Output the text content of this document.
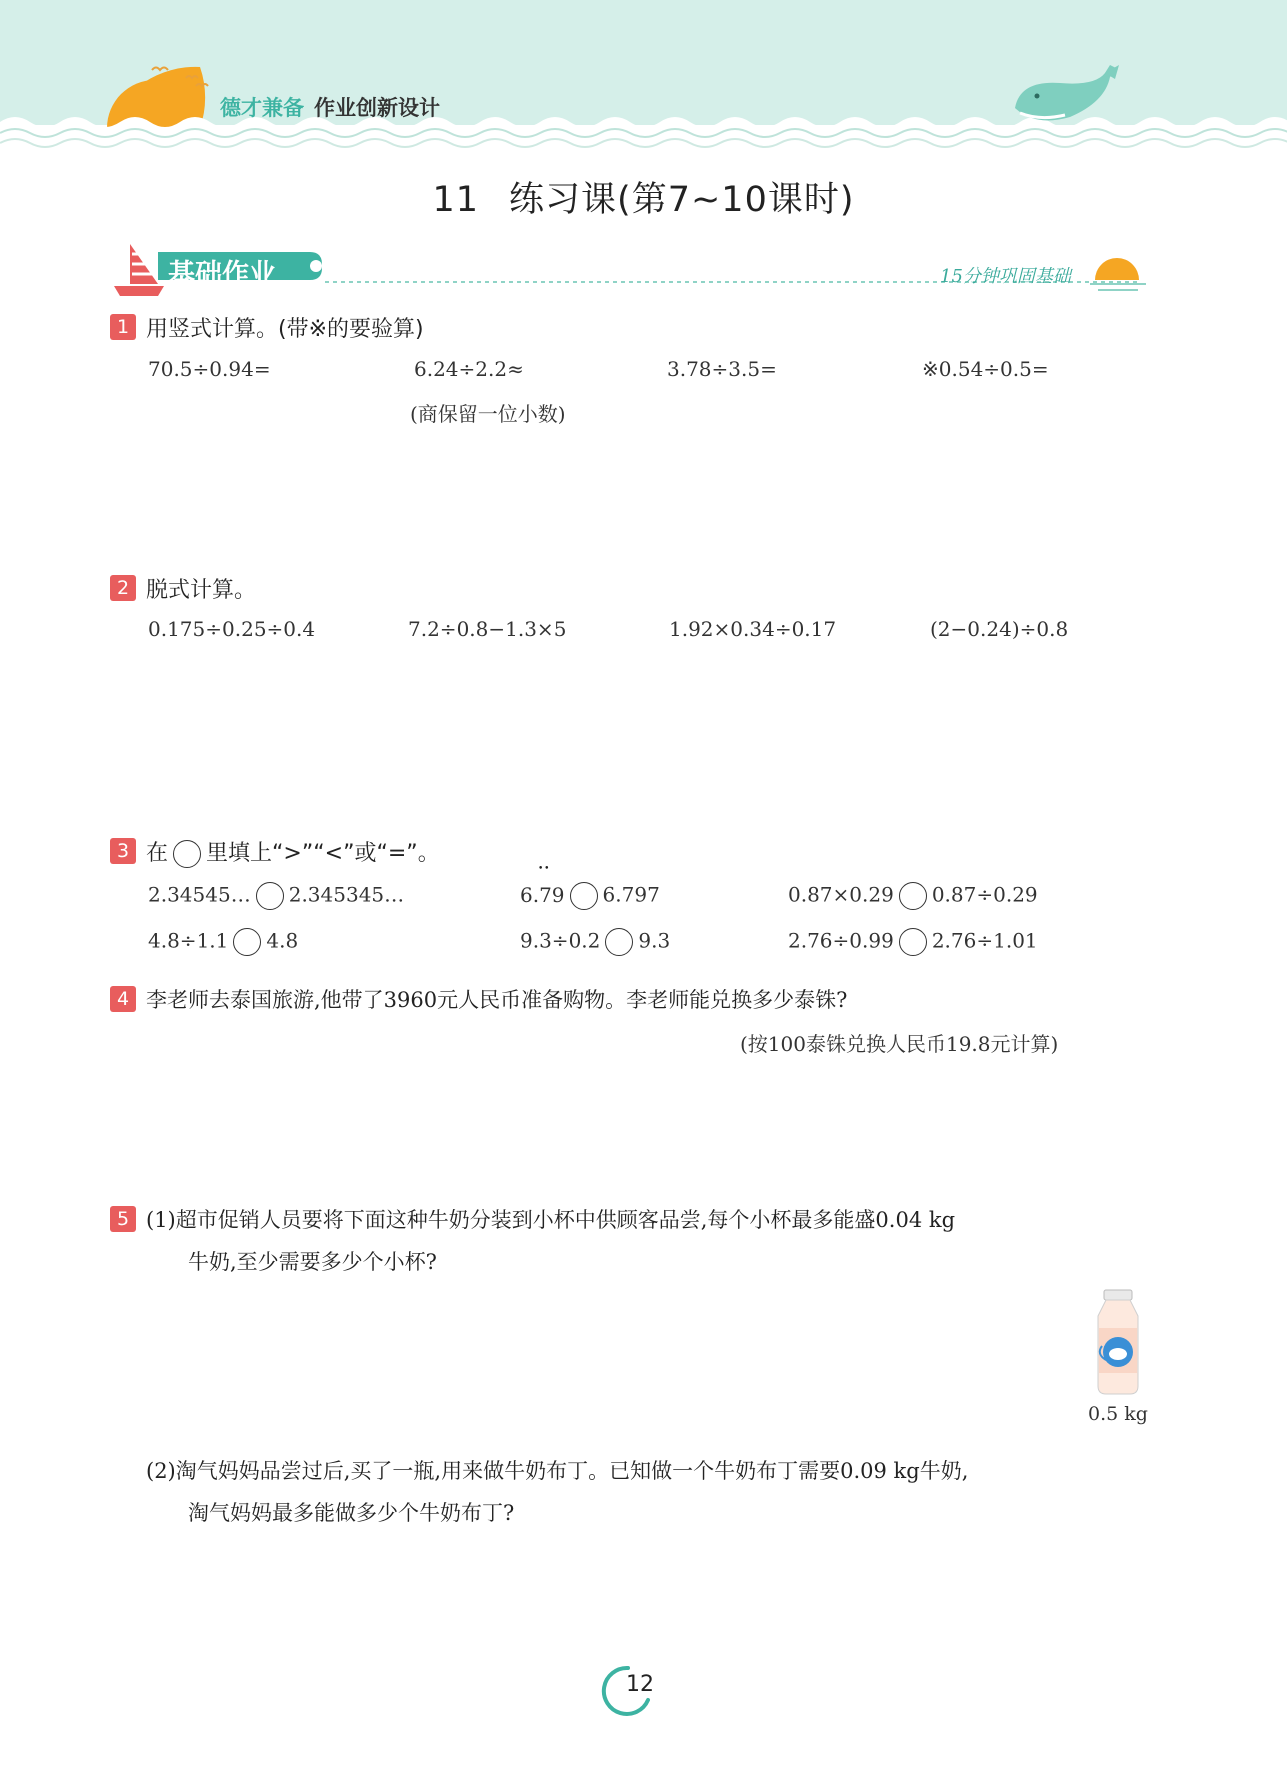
德才兼备 作业创新设计
11 练习课(第7~10课时)
基础作业	15分钟巩固基础
1 用竖式计算。(带※的要验算)
70.5÷0.94=	6.24÷2.2≈	3.78÷3.5=	※0.54÷0.5=
(商保留一位小数)
2 脱式计算。
0.175÷0.25÷0.4	7.2÷0.8−1.3×5	1.92×0.34÷0.17	(2−0.24)÷0.8
3 在 里填上“>”“<”或“=”。
2.34545… 2.345345…
• •	6.79 6.797	0.87×0.29 0.87÷0.29
4.8÷1.1 4.8	9.3÷0.2 9.3	2.76÷0.99 2.76÷1.01
4 李老师去泰国旅游,他带了3960元人民币准备购物。李老师能兑换多少泰铢?
(按100泰铢兑换人民币19.8元计算)
5 (1)超市促销人员要将下面这种牛奶分装到小杯中供顾客品尝,每个小杯最多能盛0.04 kg
牛奶,至少需要多少个小杯?
0.5 kg
(2)淘气妈妈品尝过后,买了一瓶,用来做牛奶布丁。已知做一个牛奶布丁需要0.09 kg牛奶,
淘气妈妈最多能做多少个牛奶布丁?
12
